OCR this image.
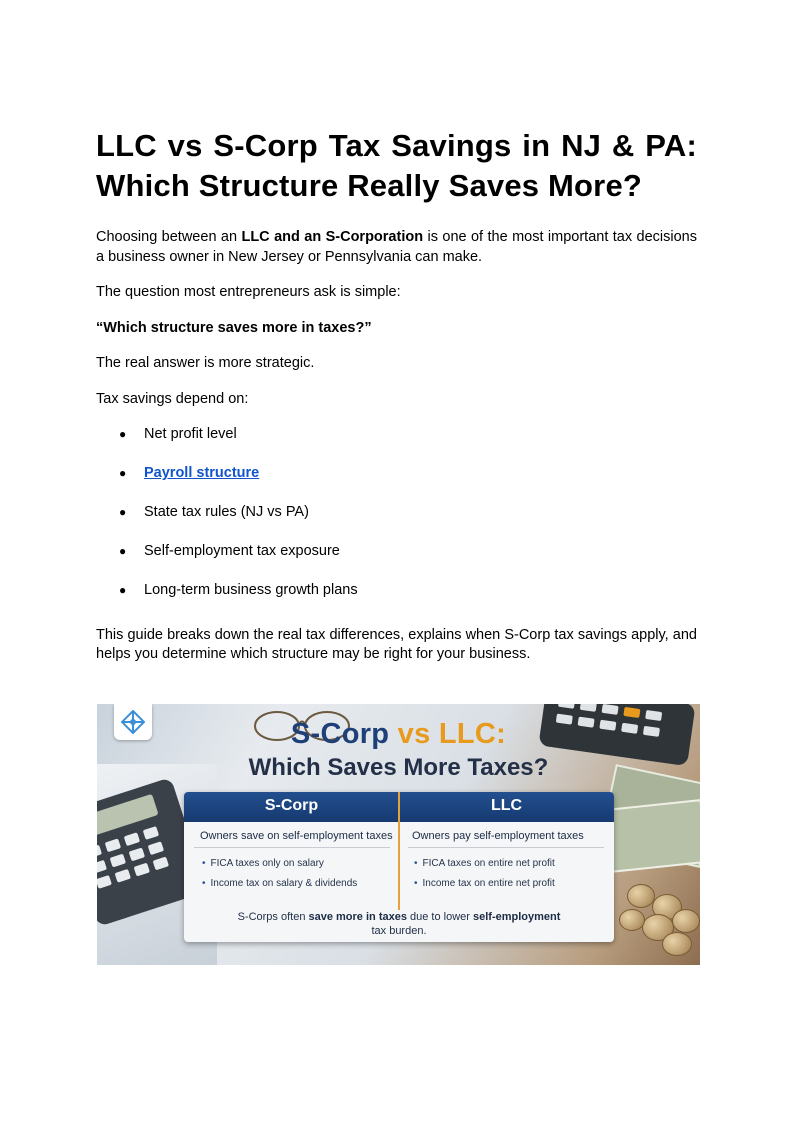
LLC vs S-Corp Tax Savings in NJ & PA: Which Structure Really Saves More?

Choosing between an LLC and an S-Corporation is one of the most important tax decisions a business owner in New Jersey or Pennsylvania can make.

The question most entrepreneurs ask is simple:

“Which structure saves more in taxes?”

The real answer is more strategic.

Tax savings depend on:

● Net profit level
● Payroll structure
● State tax rules (NJ vs PA)
● Self-employment tax exposure
● Long-term business growth plans

This guide breaks down the real tax differences, explains when S-Corp tax savings apply, and helps you determine which structure may be right for your business.

S-Corp vs LLC:
Which Saves More Taxes?
S-Corp	LLC
Owners save on self-employment taxes Owners pay self-employment taxes
• FICA taxes only on salary
• Income tax on salary & dividends
• FICA taxes on entire net profit
• Income tax on entire net profit
S-Corps often save more in taxes due to lower self-employment
tax burden.
